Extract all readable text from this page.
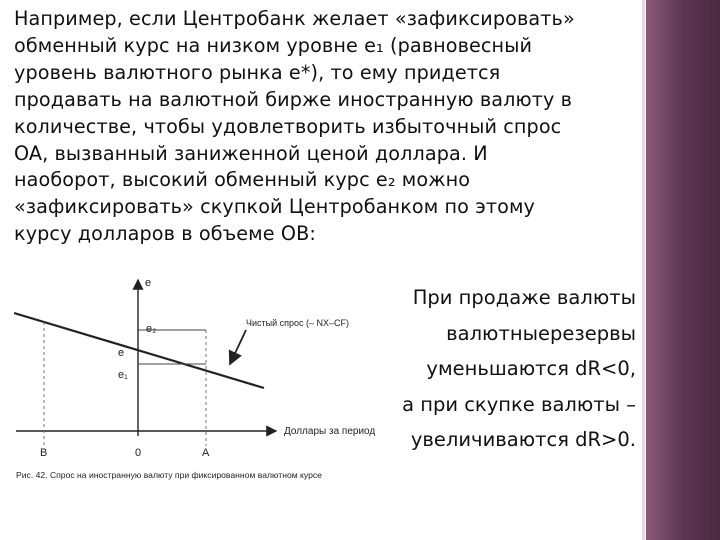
Например, если Центробанк желает «зафиксировать»

обменный курс на низком уровне e₁ (равновесный

уровень валютного рынка e*), то ему придется

продавать на валютной бирже иностранную валюту в

количестве, чтобы удовлетворить избыточный спрос

OA, вызванный заниженной ценой доллара. И

наоборот, высокий обменный курс e₂ можно

«зафиксировать» скупкой Центробанком по этому

курсу долларов в объеме OB:

При продаже валюты

валютныерезервы

уменьшаются dR<0,

а при скупке валюты –

увеличиваются dR>0.

e
Доллары за период
Чистый спрос (– NX–CF)
e₂
e
e₁
B	0	A
Рис. 42. Спрос на иностранную валюту при фиксированном валютном курсе
